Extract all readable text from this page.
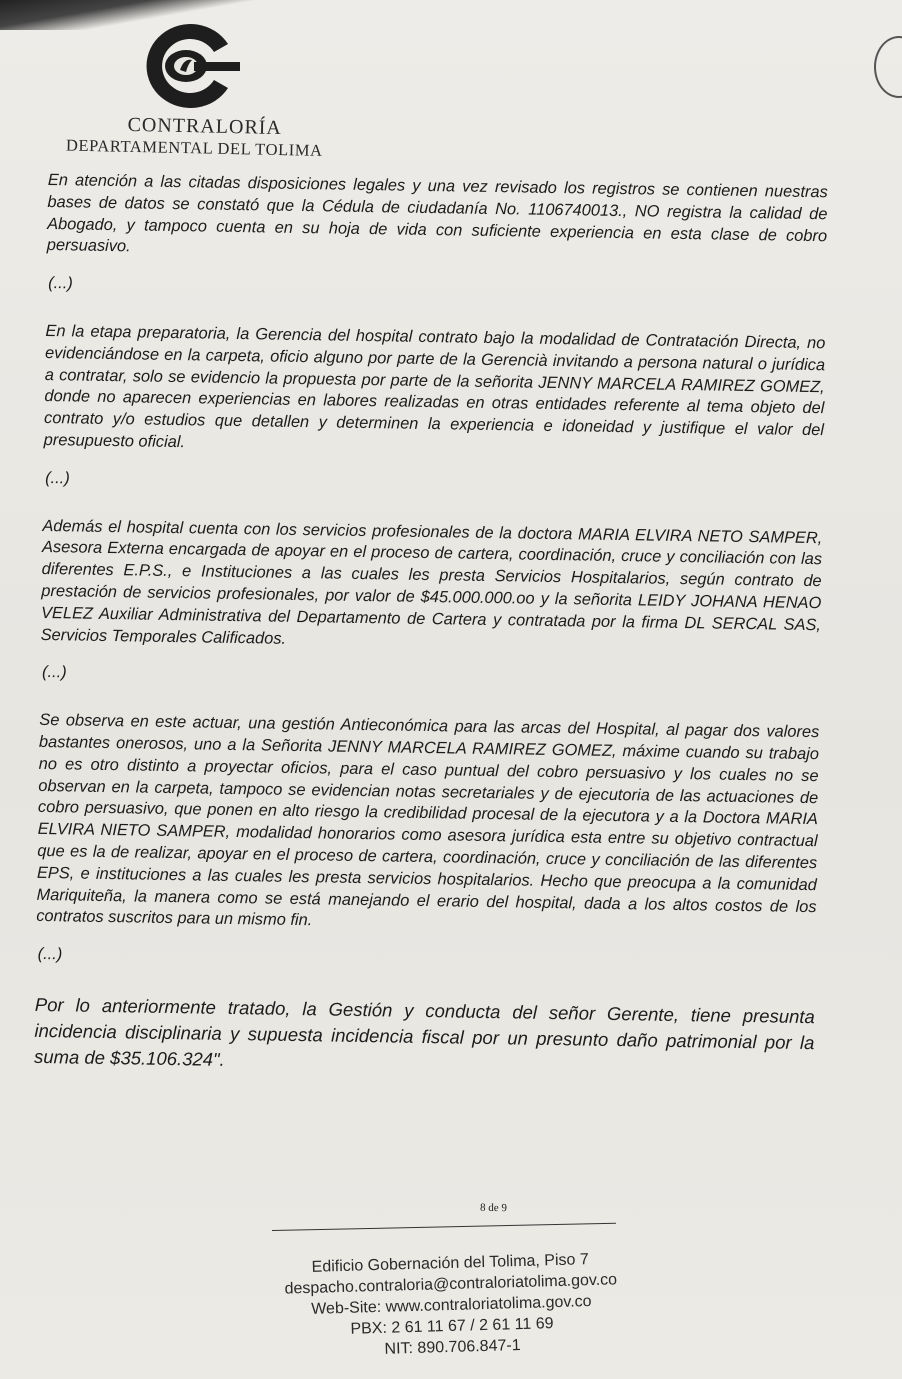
CONTRALORÍA
DEPARTAMENTAL DEL TOLIMA

En atención a las citadas disposiciones legales y una vez revisado los registros se contienen nuestras bases de datos se constató que la Cédula de ciudadanía No. 1106740013., NO registra la calidad de Abogado, y tampoco cuenta en su hoja de vida con suficiente experiencia en esta clase de cobro persuasivo.

(...)

En la etapa preparatoria, la Gerencia del hospital contrato bajo la modalidad de Contratación Directa, no evidenciándose en la carpeta, oficio alguno por parte de la Gerencià invitando a persona natural o jurídica a contratar, solo se evidencio la propuesta por parte de la señorita JENNY MARCELA RAMIREZ GOMEZ, donde no aparecen experiencias en labores realizadas en otras entidades referente al tema objeto del contrato y/o estudios que detallen y determinen la experiencia e idoneidad y justifique el valor del presupuesto oficial.

(...)

Además el hospital cuenta con los servicios profesionales de la doctora MARIA ELVIRA NETO SAMPER, Asesora Externa encargada de apoyar en el proceso de cartera, coordinación, cruce y conciliación con las diferentes E.P.S., e Instituciones a las cuales les presta Servicios Hospitalarios, según contrato de prestación de servicios profesionales, por valor de $45.000.000.oo y la señorita LEIDY JOHANA HENAO VELEZ Auxiliar Administrativa del Departamento de Cartera y contratada por la firma DL SERCAL SAS, Servicios Temporales Calificados.

(...)

Se observa en este actuar, una gestión Antieconómica para las arcas del Hospital, al pagar dos valores bastantes onerosos, uno a la Señorita JENNY MARCELA RAMIREZ GOMEZ, máxime cuando su trabajo no es otro distinto a proyectar oficios, para el caso puntual del cobro persuasivo y los cuales no se observan en la carpeta, tampoco se evidencian notas secretariales y de ejecutoria de las actuaciones de cobro persuasivo, que ponen en alto riesgo la credibilidad procesal de la ejecutora y a la Doctora MARIA ELVIRA NIETO SAMPER, modalidad honorarios como asesora jurídica esta entre su objetivo contractual que es la de realizar, apoyar en el proceso de cartera, coordinación, cruce y conciliación de las diferentes EPS, e instituciones a las cuales les presta servicios hospitalarios. Hecho que preocupa a la comunidad Mariquiteña, la manera como se está manejando el erario del hospital, dada a los altos costos de los contratos suscritos para un mismo fin.

(...)

Por lo anteriormente tratado, la Gestión y conducta del señor Gerente, tiene presunta incidencia disciplinaria y supuesta incidencia fiscal por un presunto daño patrimonial por la suma de $35.106.324".

8 de 9
Edificio Gobernación del Tolima, Piso 7
despacho.contraloria@contraloriatolima.gov.co
Web-Site: www.contraloriatolima.gov.co
PBX: 2 61 11 67 / 2 61 11 69
NIT: 890.706.847-1
